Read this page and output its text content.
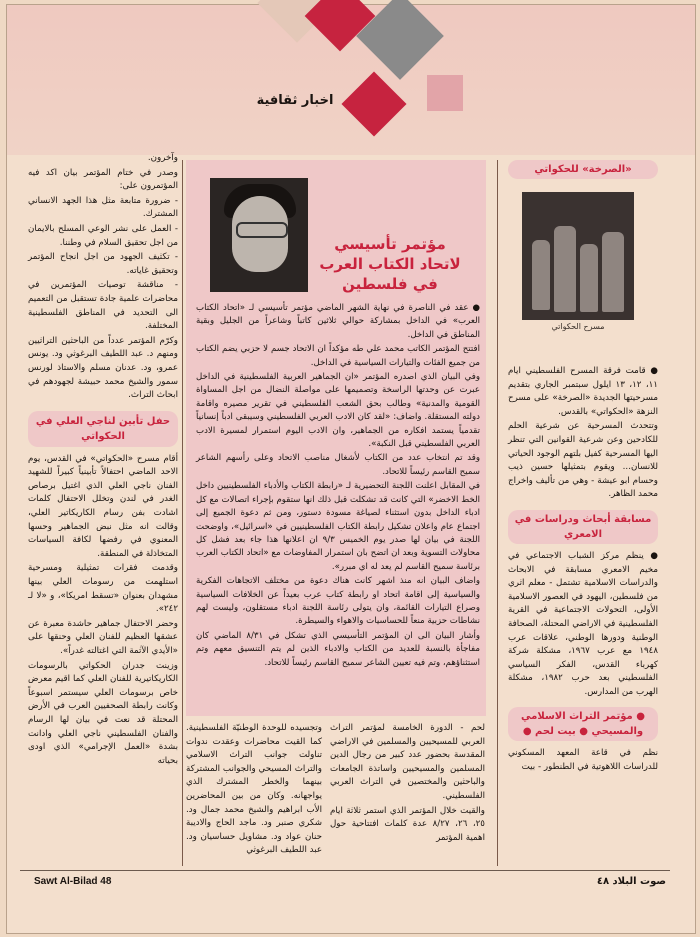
اخبار ثقافية

وآخرون.

وصدر في ختام المؤتمر بيان اكد فيه المؤتمرون على:

- ضرورة متابعة مثل هذا الجهد الانساني المشترك.

- العمل على نشر الوعي المسلح بالايمان من اجل تحقيق السلام في وطننا.

- تكثيف الجهود من اجل انجاح المؤتمر وتحقيق غاياته.

- مناقشة توصيات المؤتمرين في محاضرات علمية جادة تستقبل من التعميم الى التحديد في المناطق الفلسطينية المختلفة.

وكرّم المؤتمر عدداً من الباحثين التراثيين ومنهم د. عبد اللطيف البرغوثي ود. يونس عمرو، ود. عدنان مسلم والاستاذ لورنس سمور والشيخ محمد حبيشة لجهودهم في ابحاث التراث.

حفل تأبين لناجي العلي في الحكواتي

أقام مسرح «الحكواتي» في القدس، يوم الاحد الماضي احتفالاً تأبينياً كبيراً للشهيد الفنان ناجي العلي الذي اغتيل برصاص الغدر في لندن وتخلل الاحتفال كلمات اشادت بفن رسام الكاريكاتير العلي، وقالت انه مثل نبض الجماهير وحسها المعنوي في رفضها لكافة السياسات المتخاذلة في المنطقة.

وقدمت فقرات تمثيلية ومسرحية استلهمت من رسومات العلي بينها مشهدان بعنوان «تسقط امريكا»، و «لا لـ ٢٤٢».

وحضر الاحتفال جماهير حاشدة معبرة عن عشقها العظيم للفنان العلي وحنقها على «الأيدي الآثمة التي اغتالته غدراً».

وزينت جدران الحكواتي بالرسومات الكاريكاتيرية للفنان العلي كما اقيم معرض خاص برسومات العلي سيستمر اسبوعاً وكانت رابطة الصحفيين العرب في الأرض المحتلة قد نعت في بيان لها الرسام والفنان الفلسطيني ناجي العلي وادانت بشدة «العمل الإجرامي» الذي اودى بحياته

مؤتمر تأسيسي
لاتحاد الكتاب العرب في فلسطين

● عقد في الناصرة في نهاية الشهر الماضي مؤتمر تأسيسي لـ «اتحاد الكتاب العرب» في الداخل بمشاركة حوالي ثلاثين كاتباً وشاعراً من الجليل وبقية المناطق في الداخل.

افتتح المؤتمر الكاتب محمد علي طه مؤكداً ان الاتحاد جسم لا حزبي يضم الكتاب من جميع الفئات والتيارات السياسية في الداخل.

وفي البيان الذي اصدره المؤتمر «ان الجماهير العربية الفلسطينية في الداخل عبرت عن وحدتها الراسخة وتصميمها على مواصلة النضال من اجل المساواة القومية والمدنية» وطالب بحق الشعب الفلسطيني في تقرير مصيره واقامة دولته المستقلة. واضاف: «لقد كان الادب العربي الفلسطيني وسيبقى ادباً إنسانياً تقدمياً يستمد افكاره من الجماهير، وان الادب اليوم استمرار لمسيرة الادب العربي الفلسطيني قبل النكبة».

وقد تم انتخاب عدد من الكتاب لأشغال مناصب الاتحاد وعلى رأسهم الشاعر سميح القاسم رئيساً للاتحاد.

في المقابل اعلنت اللجنة التحضيرية لـ «رابطة الكتاب والأدباء الفلسطينيين داخل الخط الاخضر» التي كانت قد تشكلت قبل ذلك انها ستقوم بإجراء اتصالات مع كل ادباء الداخل بدون استثناء لصياغة مسودة دستور، ومن ثم دعوة الجميع إلى اجتماع عام واعلان تشكيل رابطة الكتاب الفلسطينيين في «اسرائيل»، واوضحت اللجنة في بيان لها صدر يوم الخميس ٩/٣ ان اعلانها هذا جاء بعد فشل كل محاولات التسوية وبعد ان اتضح بان استمرار المفاوضات مع «اتحاد الكتاب العرب برئاسة سميح القاسم لم يعد له اي مبرر».

واضاف البيان انه منذ اشهر كانت هناك دعوة من مختلف الاتجاهات الفكرية والسياسية إلى اقامة اتحاد او رابطة كتاب عرب بعيداً عن الخلافات السياسية وصراع التيارات القائمة، وان يتولى رئاسة اللجنة ادباء مستقلون، وليست لهم نشاطات حزبية منعاً للحساسيات والاهواء والسيطرة.

وأشار البيان الى ان المؤتمر التأسيسي الذي تشكل في ٨/٣١ الماضي كان مفاجأة بالنسبة للعديد من الكتاب والادباء الذين لم يتم التنسيق معهم وتم استثناؤهم، وتم فيه تعيين الشاعر سميح القاسم رئيساً للاتحاد.

لحم - الدورة الخامسة لمؤتمر التراث العربي للمسيحيين والمسلمين في الاراضي المقدسة بحضور عدد كبير من رجال الدين المسلمين والمسيحيين واساتذة الجامعات والباحثين والمختصين في التراث العربي الفلسطيني.

والقيت خلال المؤتمر الذي استمر ثلاثة ايام ٢٥، ٢٦، ٨/٢٧ عدة كلمات افتتاحية حول اهمية المؤتمر

وتجسيده للوحدة الوطنيّة الفلسطينية. كما القيت محاضرات وعقدت ندوات تناولت جوانب التراث الاسلامي والتراث المسيحي والجوانب المشتركة بينهما والخطر المشترك الذي يواجهانه. وكان من بين المحاضرين الأب ابراهيم والشيخ محمد جمال ود. شكري صنبر ود. ماجد الحاج والاديبة حنان عواد ود. مشاويل حساسيان ود. عبد اللطيف البرغوثي

«الصرخة» للحكواتي

● قامت فرقة المسرح الفلسطيني ايام ١١، ١٢، ١٣ ايلول سبتمبر الجاري بتقديم مسرحيتها الجديدة «الصرخة» على مسرح النزهة «الحكواتي» بالقدس.

وتتحدث المسرحية عن شرعية الحلم للكادحين وعن شرعية القوانين التي تنظر اليها المسرحية كفيل بلتهم الوجود الحياتي للانسان... ويقوم بتمثيلها حسين ذيب وحسام ابو عيشة - وهي من تأليف واخراج محمد الظاهر.

مسابقة أبحاث ودراسات في الامعري

● ينظم مركز الشباب الاجتماعي في مخيم الامعري مسابقة في الابحاث والدراسات الاسلامية تشتمل - معلم اثري من فلسطين، اليهود في العصور الاسلامية الأولى، التحولات الاجتماعية في القرية الفلسطينية في الاراضي المحتلة، الصحافة الوطنية ودورها الوطني، علاقات عرب ١٩٤٨ مع عرب ١٩٦٧، مشكلة شركة كهرباء القدس، الفكر السياسي الفلسطيني بعد حرب ١٩٨٢، مشكلة الهرب من المدارس.

● مؤتمر التراث الاسلامي والمسيحي ● بيت لحم ●

نظم في قاعة المعهد المسكوني للدراسات اللاهوتية في الطنطور - بيت

مسرح الحكواتي
Sawt Al-Bilad 48	صوت البلاد ٤٨
